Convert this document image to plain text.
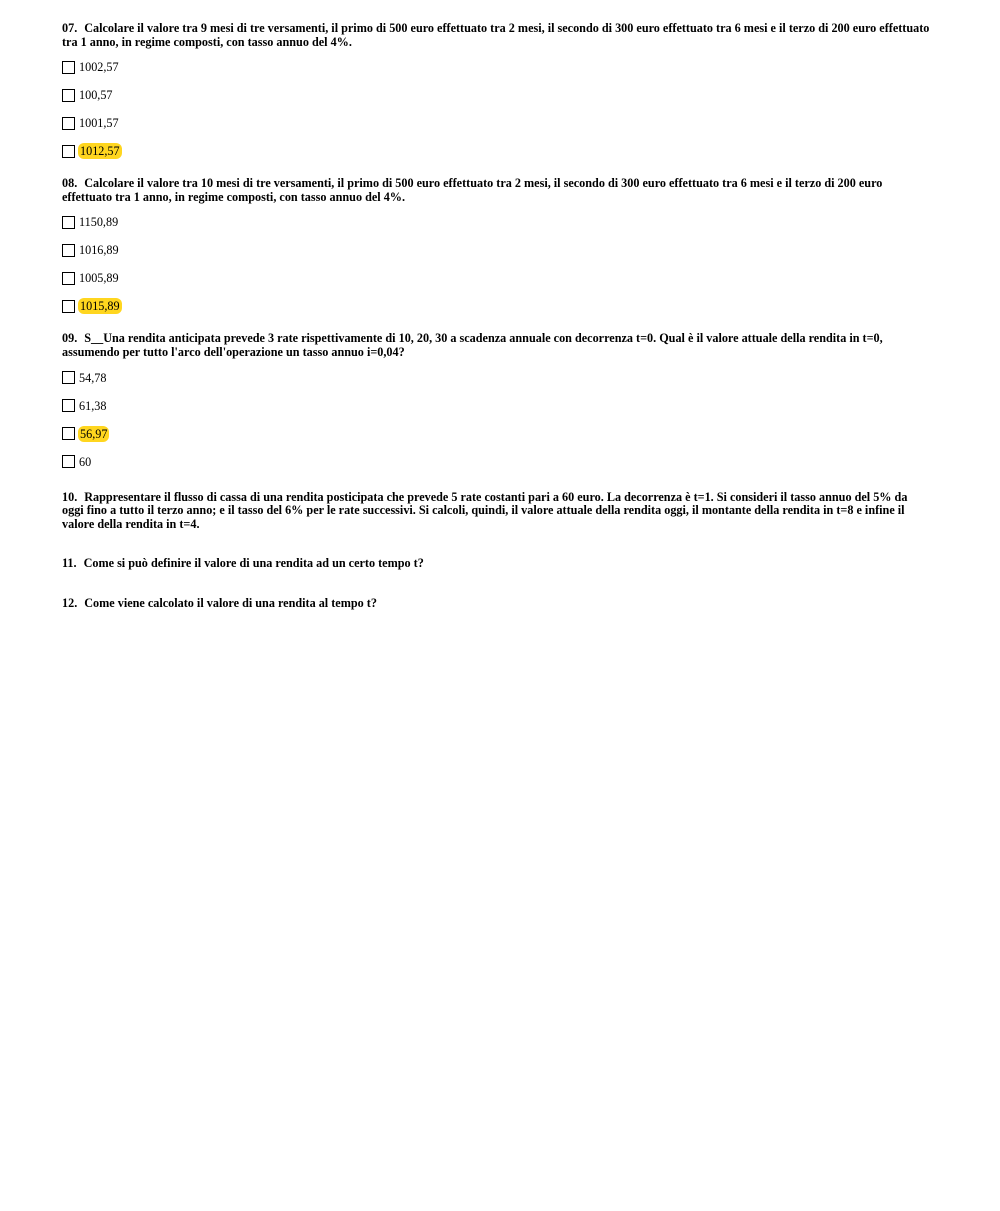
07. Calcolare il valore tra 9 mesi di tre versamenti, il primo di 500 euro effettuato tra 2 mesi, il secondo di 300 euro effettuato tra 6 mesi e il terzo di 200 euro effettuato tra 1 anno, in regime composti, con tasso annuo del 4%.

1002,57
100,57
1001,57
1012,57

08. Calcolare il valore tra 10 mesi di tre versamenti, il primo di 500 euro effettuato tra 2 mesi, il secondo di 300 euro effettuato tra 6 mesi e il terzo di 200 euro effettuato tra 1 anno, in regime composti, con tasso annuo del 4%.

1150,89
1016,89
1005,89
1015,89

09. S__Una rendita anticipata prevede 3 rate rispettivamente di 10, 20, 30 a scadenza annuale con decorrenza t=0. Qual è il valore attuale della rendita in t=0, assumendo per tutto l'arco dell'operazione un tasso annuo i=0,04?

54,78
61,38
56,97
60

10. Rappresentare il flusso di cassa di una rendita posticipata che prevede 5 rate costanti pari a 60 euro. La decorrenza è t=1. Si consideri il tasso annuo del 5% da oggi fino a tutto il terzo anno; e il tasso del 6% per le rate successivi. Si calcoli, quindi, il valore attuale della rendita oggi, il montante della rendita in t=8 e infine il valore della rendita in t=4.

11. Come si può definire il valore di una rendita ad un certo tempo t?

12. Come viene calcolato il valore di una rendita al tempo t?
